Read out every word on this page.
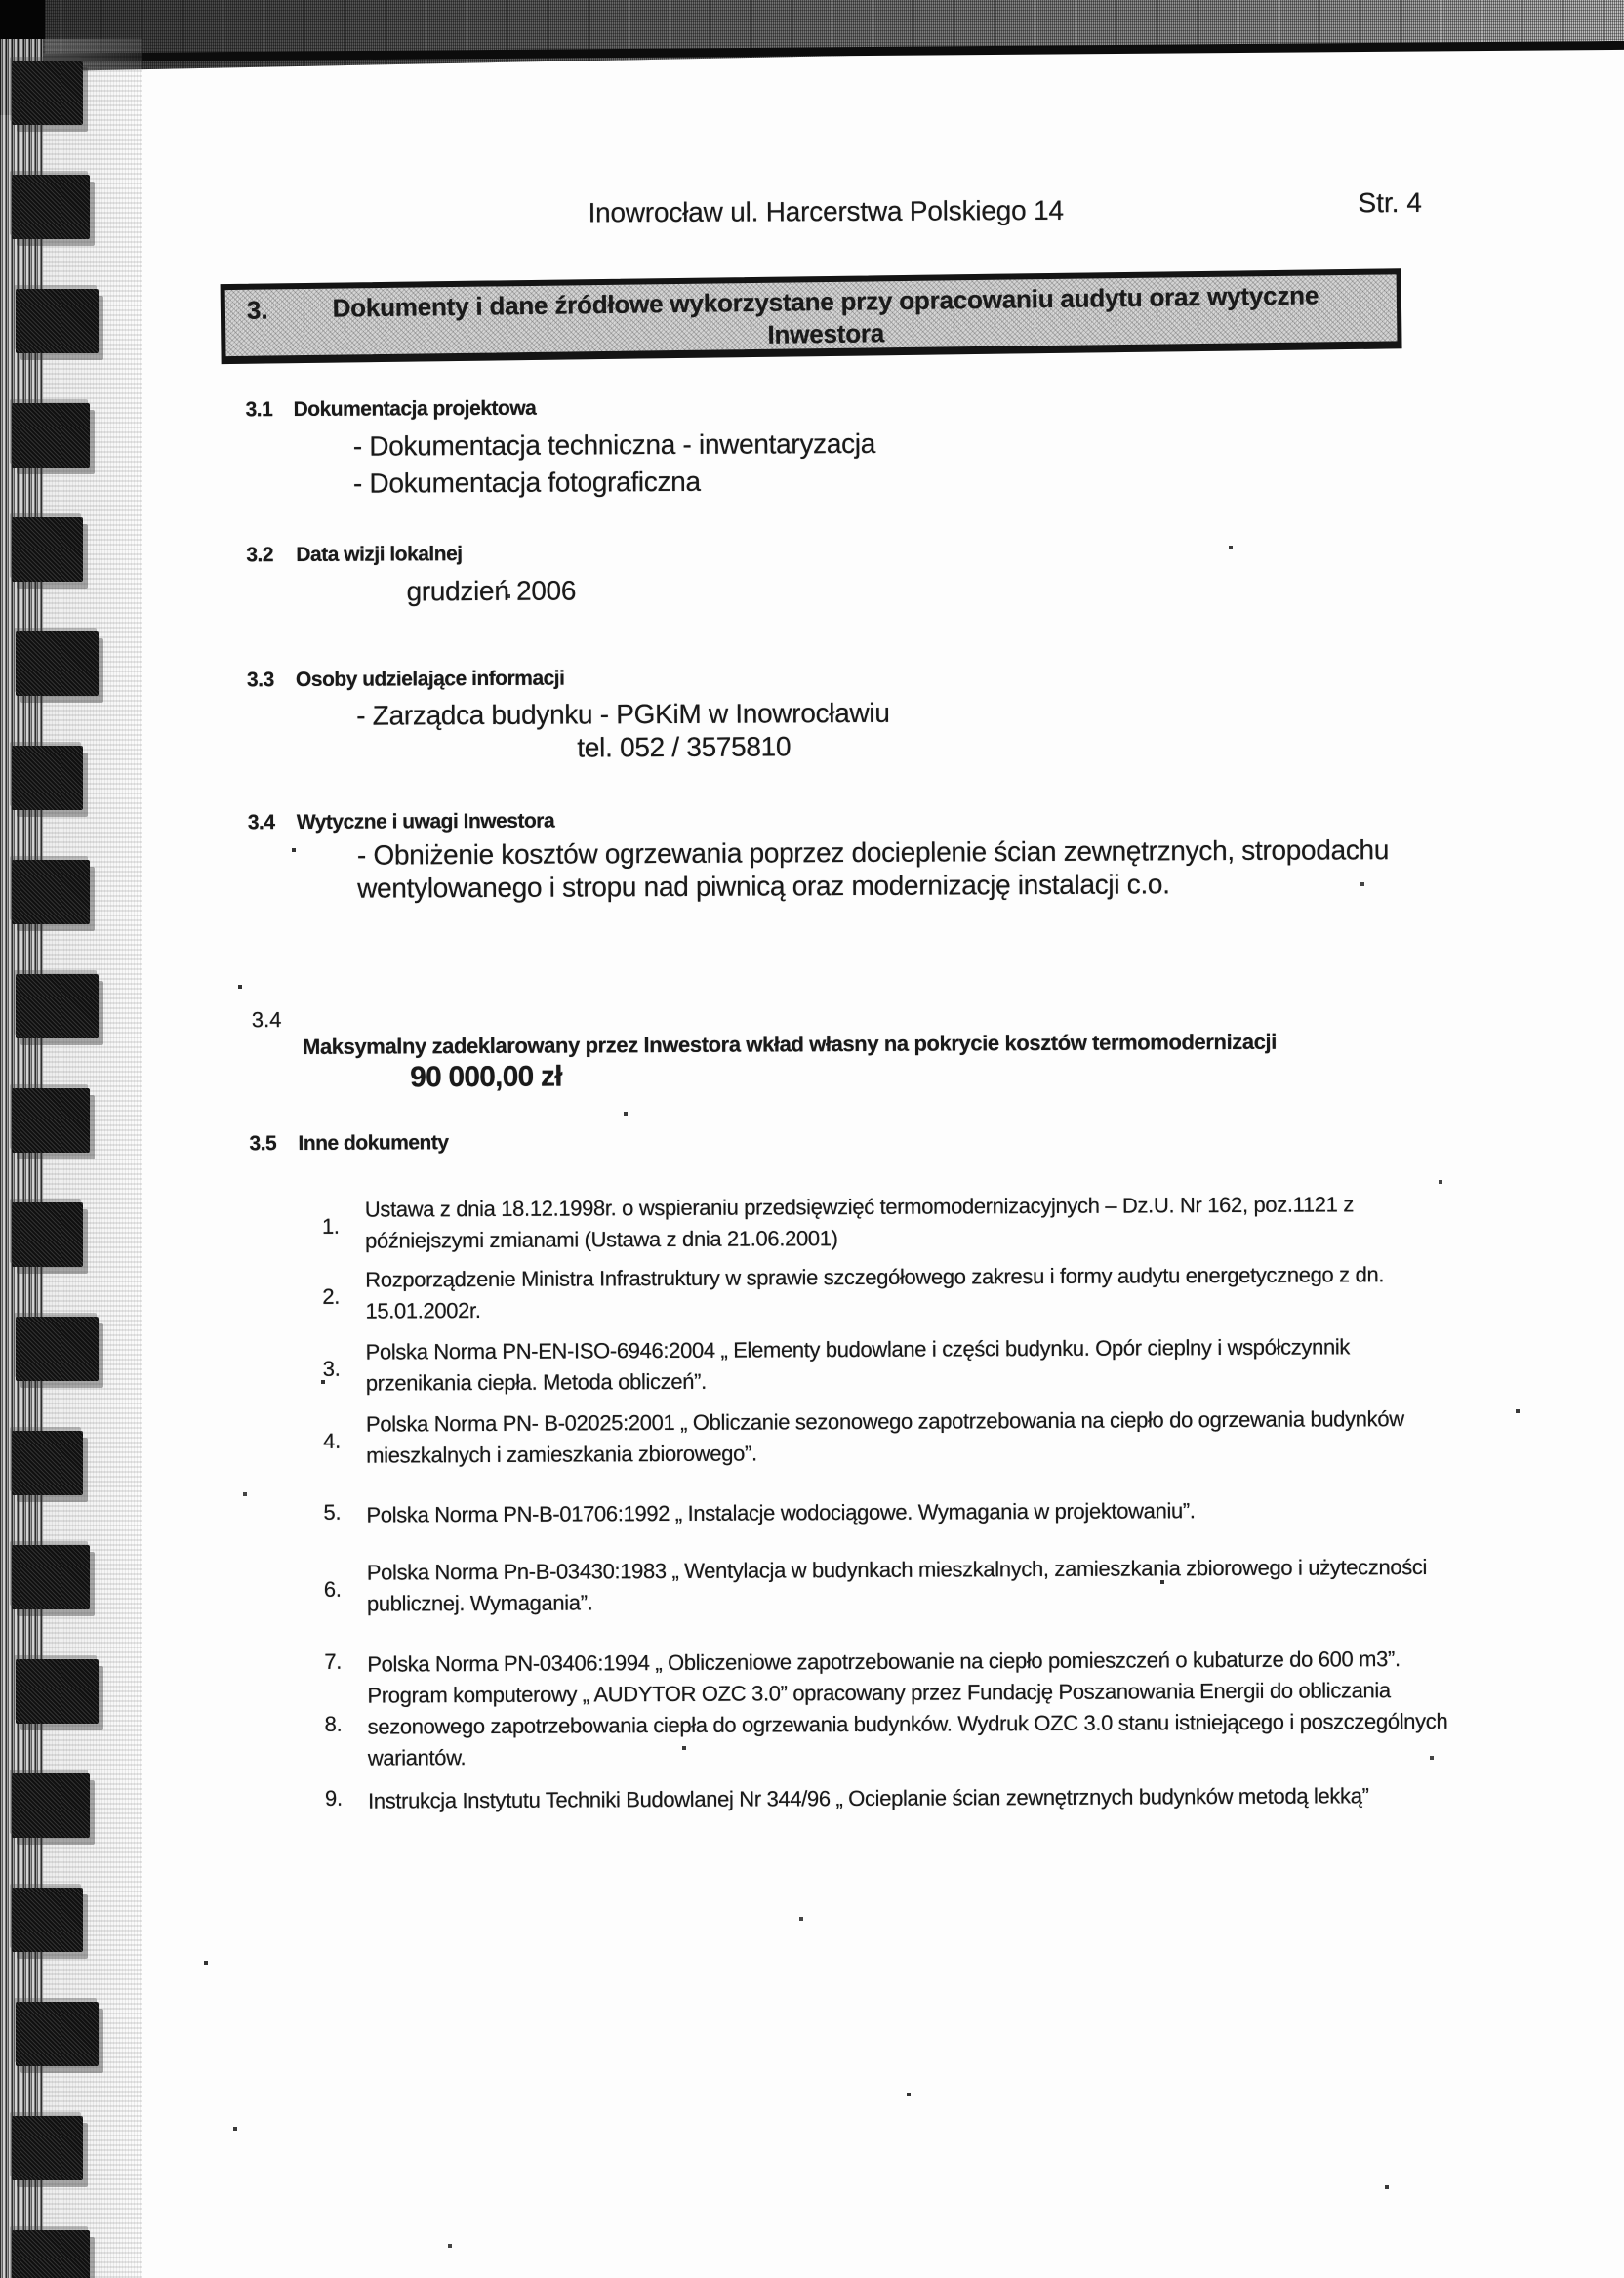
Inowrocław ul. Harcerstwa Polskiego 14	Str. 4
3.	Dokumenty i dane źródłowe wykorzystane przy opracowaniu audytu oraz wytyczne Inwestora
3.1 Dokumentacja projektowa
- Dokumentacja techniczna - inwentaryzacja
- Dokumentacja fotograficzna
3.2 Data wizji lokalnej
grudzień 2006
3.3 Osoby udzielające informacji
- Zarządca budynku - PGKiM w Inowrocławiu
tel. 052 / 3575810
3.4 Wytyczne i uwagi Inwestora
- Obniżenie kosztów ogrzewania poprzez docieplenie ścian zewnętrznych, stropodachu
wentylowanego i stropu nad piwnicą oraz modernizację instalacji c.o.
3.4
Maksymalny zadeklarowany przez Inwestora wkład własny na pokrycie kosztów termomodernizacji
90 000,00 zł
3.5 Inne dokumenty
1.
Ustawa z dnia 18.12.1998r. o wspieraniu przedsięwzięć termomodernizacyjnych – Dz.U. Nr 162, poz.1121 z
późniejszymi zmianami (Ustawa z dnia 21.06.2001)
2.
Rozporządzenie Ministra Infrastruktury w sprawie szczegółowego zakresu i formy audytu energetycznego z dn.
15.01.2002r.
3.
Polska Norma PN-EN-ISO-6946:2004 „ Elementy budowlane i części budynku. Opór cieplny i współczynnik
przenikania ciepła. Metoda obliczeń”.
4.
Polska Norma PN- B-02025:2001 „ Obliczanie sezonowego zapotrzebowania na ciepło do ogrzewania budynków
mieszkalnych i zamieszkania zbiorowego”.
5. Polska Norma PN-B-01706:1992 „ Instalacje wodociągowe. Wymagania w projektowaniu”.
6.
Polska Norma Pn-B-03430:1983 „ Wentylacja w budynkach mieszkalnych, zamieszkania zbiorowego i użyteczności
publicznej. Wymagania”.
7. Polska Norma PN-03406:1994 „ Obliczeniowe zapotrzebowanie na ciepło pomieszczeń o kubaturze do 600 m3”.
8.
Program komputerowy „ AUDYTOR OZC 3.0” opracowany przez Fundację Poszanowania Energii do obliczania
sezonowego zapotrzebowania ciepła do ogrzewania budynków. Wydruk OZC 3.0 stanu istniejącego i poszczególnych
wariantów.
9. Instrukcja Instytutu Techniki Budowlanej Nr 344/96 „ Ocieplanie ścian zewnętrznych budynków metodą lekką”
